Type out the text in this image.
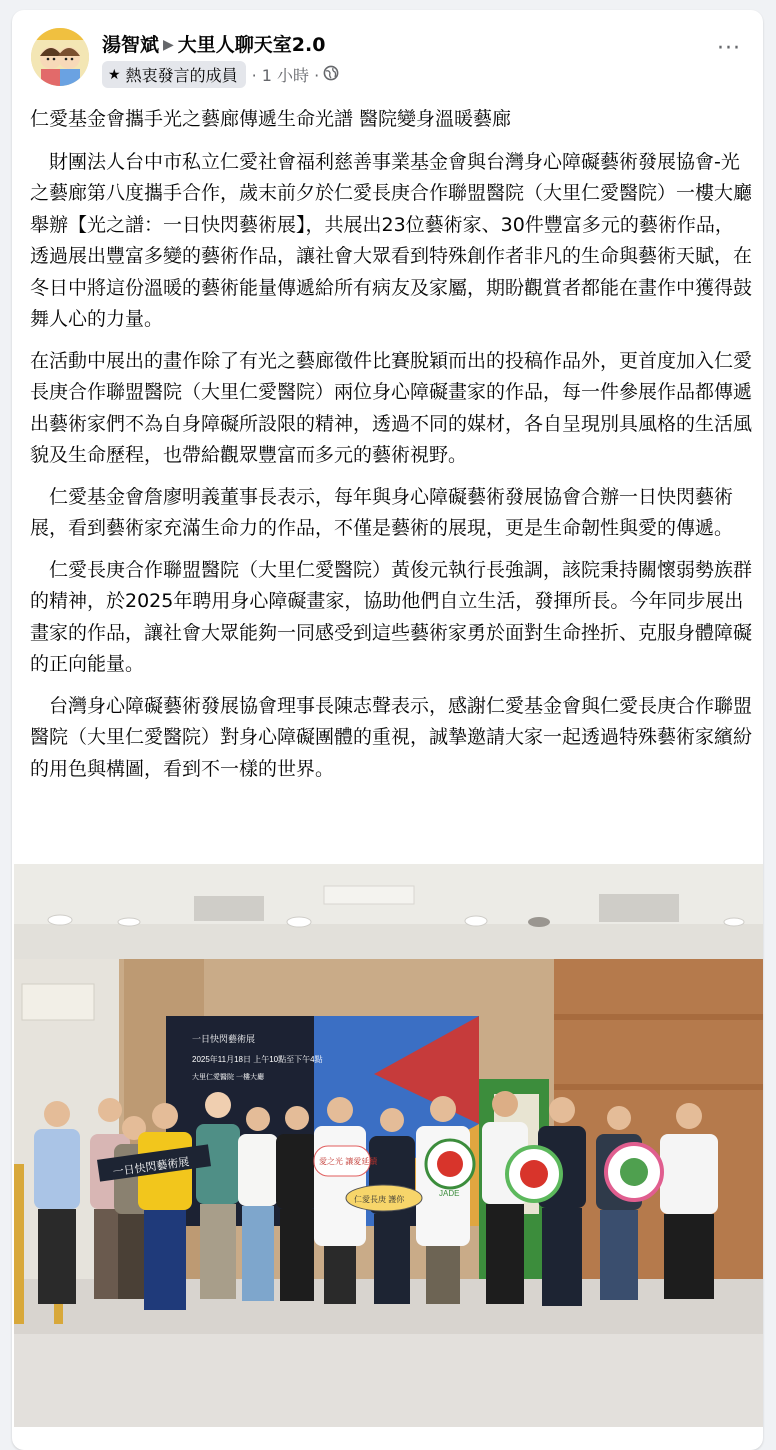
湯智斌 ▶ 大里人聊天室2.0
★ 熱衷發言的成員 · 1 小時 ·
···

仁愛基金會攜手光之藝廊傳遞生命光譜 醫院變身溫暖藝廊

　財團法人台中市私立仁愛社會福利慈善事業基金會與台灣身心障礙藝術發展協會-光之藝廊第八度攜手合作，歲末前夕於仁愛長庚合作聯盟醫院（大里仁愛醫院）一樓大廳舉辦【光之譜：一日快閃藝術展】，共展出23位藝術家、30件豐富多元的藝術作品，透過展出豐富多變的藝術作品，讓社會大眾看到特殊創作者非凡的生命與藝術天賦，在冬日中將這份溫暖的藝術能量傳遞給所有病友及家屬，期盼觀賞者都能在畫作中獲得鼓舞人心的力量。

在活動中展出的畫作除了有光之藝廊徵件比賽脫穎而出的投稿作品外，更首度加入仁愛長庚合作聯盟醫院（大里仁愛醫院）兩位身心障礙畫家的作品，每一件參展作品都傳遞出藝術家們不為自身障礙所設限的精神，透過不同的媒材，各自呈現別具風格的生活風貌及生命歷程，也帶給觀眾豐富而多元的藝術視野。

　仁愛基金會詹廖明義董事長表示，每年與身心障礙藝術發展協會合辦一日快閃藝術展，看到藝術家充滿生命力的作品，不僅是藝術的展現，更是生命韌性與愛的傳遞。

　仁愛長庚合作聯盟醫院（大里仁愛醫院）黃俊元執行長強調，該院秉持關懷弱勢族群的精神，於2025年聘用身心障礙畫家，協助他們自立生活，發揮所長。今年同步展出畫家的作品，讓社會大眾能夠一同感受到這些藝術家勇於面對生命挫折、克服身體障礙的正向能量。

　台灣身心障礙藝術發展協會理事長陳志聲表示，感謝仁愛基金會與仁愛長庚合作聯盟醫院（大里仁愛醫院）對身心障礙團體的重視，誠摯邀請大家一起透過特殊藝術家繽紛的用色與構圖，看到不一樣的世界。

一日快閃藝術展
2025年11月18日 上午10點至下午4點
大里仁愛醫院 一樓大廳
一日快閃藝術展
仁愛長庚 護你
JADE
愛之光 讓愛延續
